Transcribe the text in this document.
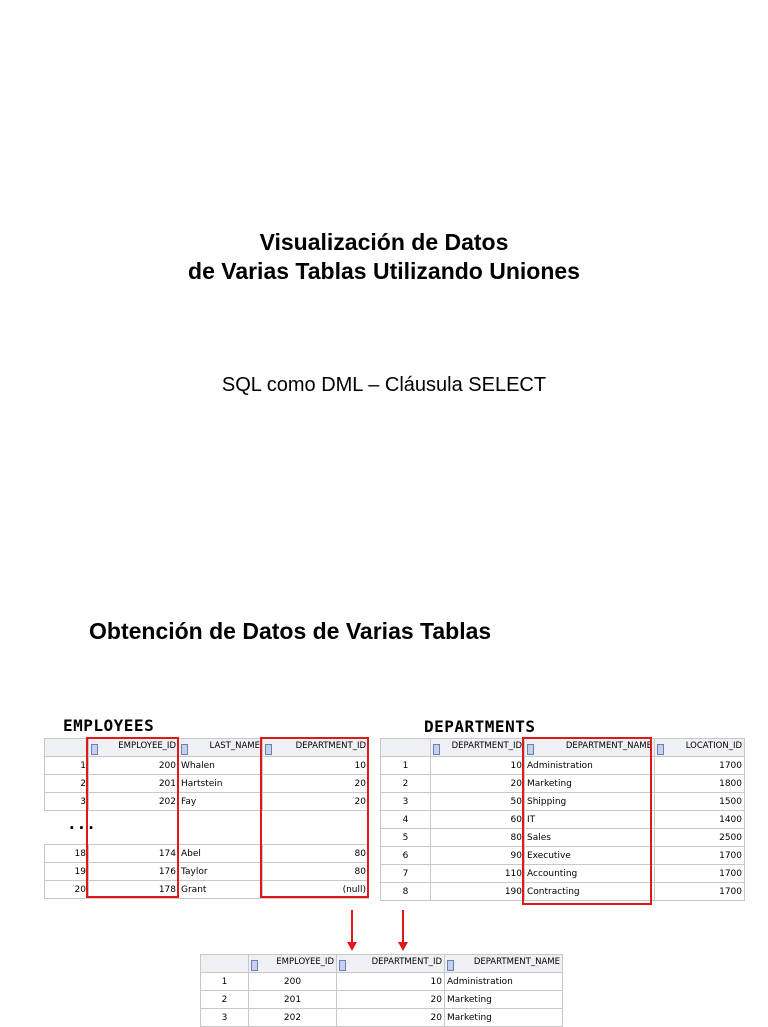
Visualización de Datos
de Varias Tablas Utilizando Uniones
SQL como DML – Cláusula SELECT
Obtención de Datos de Varias Tablas
EMPLOYEES	DEPARTMENTS
...

EMPLOYEE_ID	LAST_NAME	DEPARTMENT_ID
1	200	Whalen	10
2	201	Hartstein	20
3	202	Fay	20
18	174	Abel	80
19	176	Taylor	80
20	178	Grant	(null)

DEPARTMENT_ID	DEPARTMENT_NAME	LOCATION_ID
1	10	Administration	1700
2	20	Marketing	1800
3	50	Shipping	1500
4	60	IT	1400
5	80	Sales	2500
6	90	Executive	1700
7	110	Accounting	1700
8	190	Contracting	1700

EMPLOYEE_ID	DEPARTMENT_ID	DEPARTMENT_NAME
1	200	10	Administration
2	201	20	Marketing
3	202	20	Marketing
